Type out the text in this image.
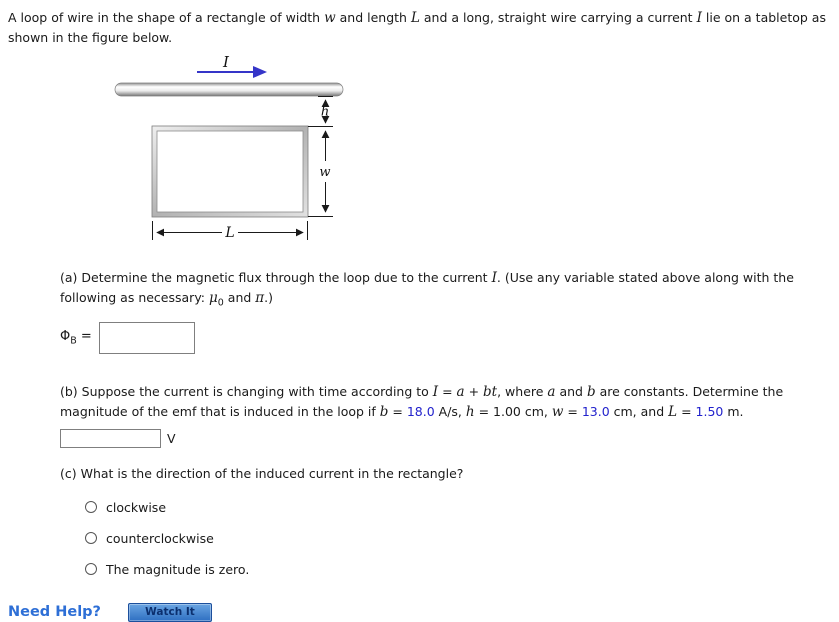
A loop of wire in the shape of a rectangle of width w and length L and a long, straight wire carrying a current I lie on a tabletop as shown in the figure below.

I
h
w
L

(a) Determine the magnetic flux through the loop due to the current I. (Use any variable stated above along with the following as necessary: $\mu_0$ and π.)

$\Phi_B$ =

(b) Suppose the current is changing with time according to I = a + bt, where a and b are constants. Determine the magnitude of the emf that is induced in the loop if b = 18.0 A/s, h = 1.00 cm, w = 13.0 cm, and L = 1.50 m.

V

(c) What is the direction of the induced current in the rectangle?

clockwise
counterclockwise
The magnitude is zero.
Need Help?	Watch It
